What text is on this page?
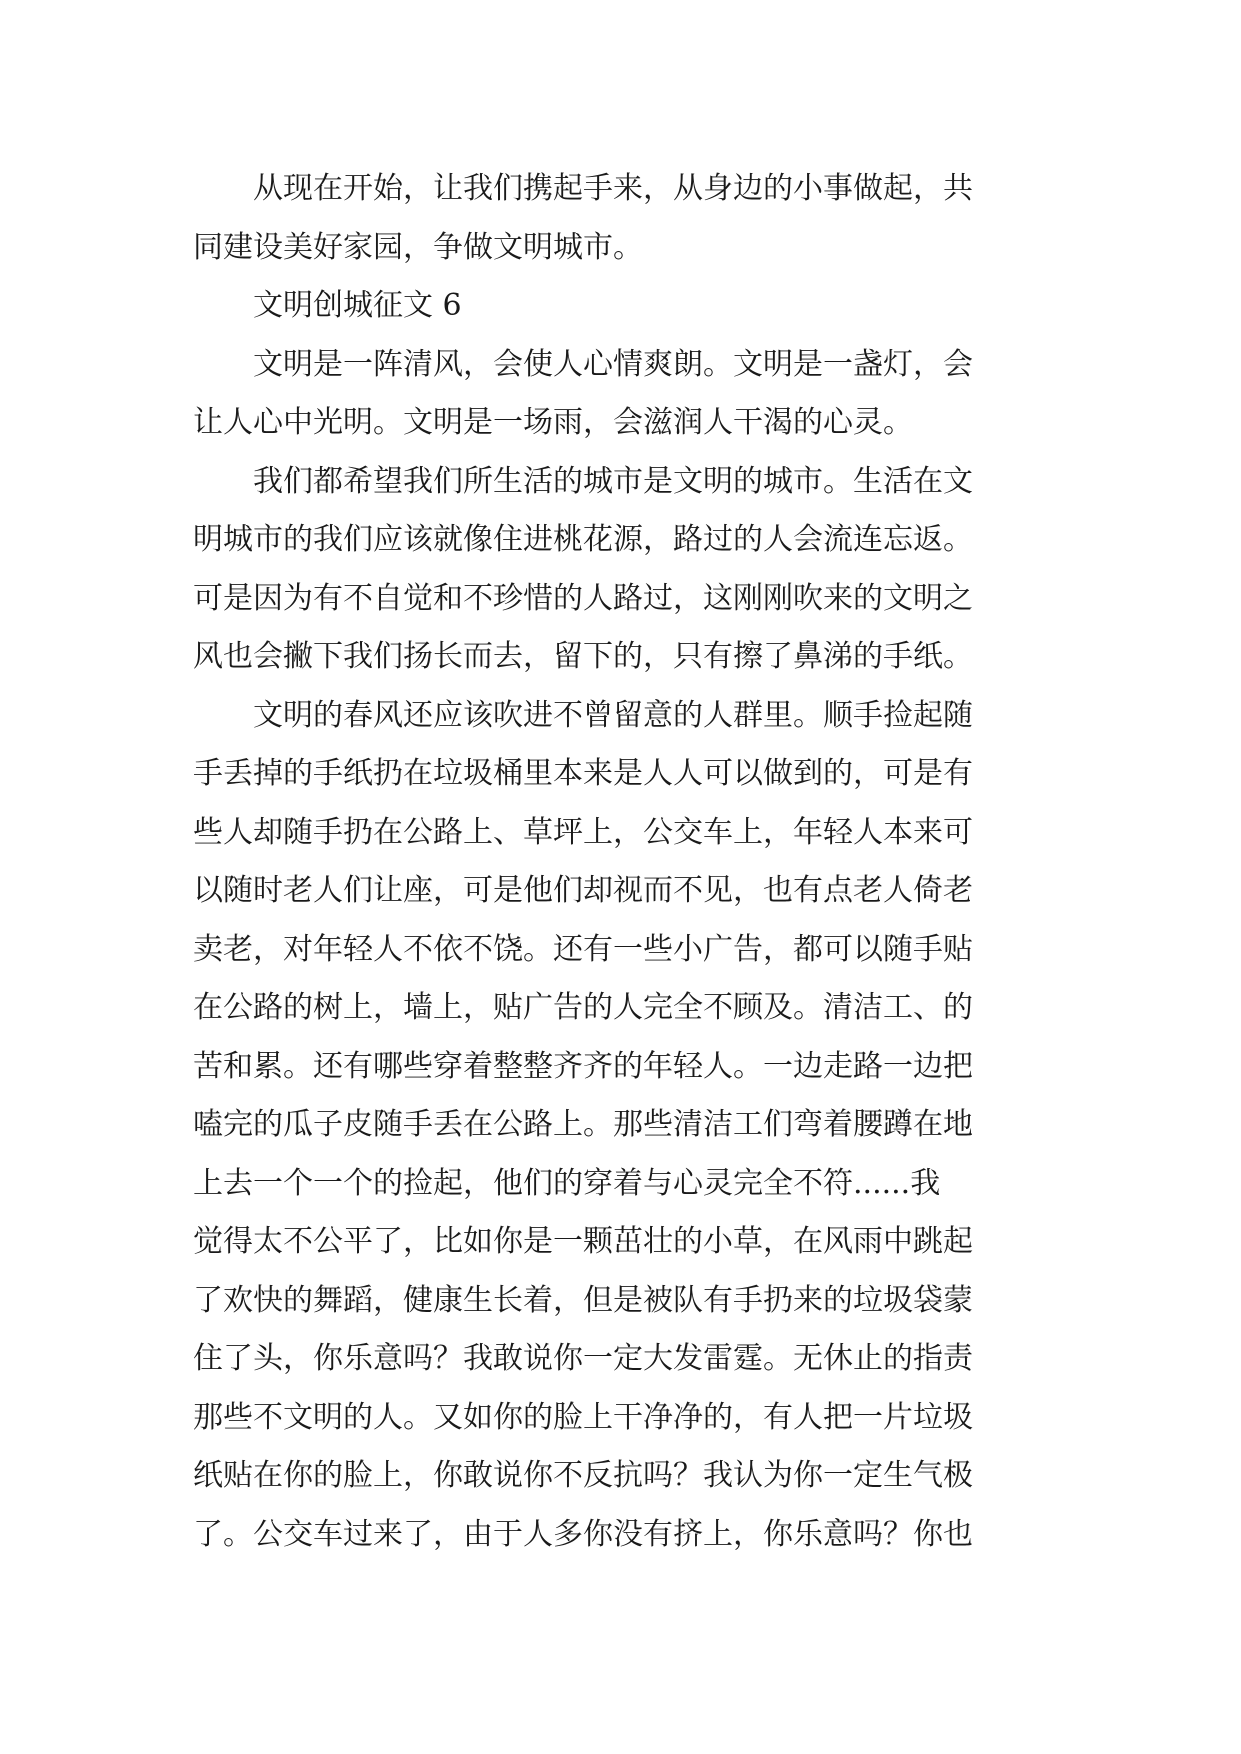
从现在开始，让我们携起手来，从身边的小事做起，共
同建设美好家园，争做文明城市。
文明创城征文 6
文明是一阵清风，会使人心情爽朗。文明是一盏灯，会
让人心中光明。文明是一场雨，会滋润人干渴的心灵。
我们都希望我们所生活的城市是文明的城市。生活在文
明城市的我们应该就像住进桃花源，路过的人会流连忘返。
可是因为有不自觉和不珍惜的人路过，这刚刚吹来的文明之
风也会撇下我们扬长而去，留下的，只有擦了鼻涕的手纸。
文明的春风还应该吹进不曾留意的人群里。顺手捡起随
手丢掉的手纸扔在垃圾桶里本来是人人可以做到的，可是有
些人却随手扔在公路上、草坪上，公交车上，年轻人本来可
以随时老人们让座，可是他们却视而不见，也有点老人倚老
卖老，对年轻人不依不饶。还有一些小广告，都可以随手贴
在公路的树上，墙上，贴广告的人完全不顾及。清洁工、的
苦和累。还有哪些穿着整整齐齐的年轻人。一边走路一边把
嗑完的瓜子皮随手丢在公路上。那些清洁工们弯着腰蹲在地
上去一个一个的捡起，他们的穿着与心灵完全不符......我
觉得太不公平了，比如你是一颗茁壮的小草，在风雨中跳起
了欢快的舞蹈，健康生长着，但是被队有手扔来的垃圾袋蒙
住了头，你乐意吗？我敢说你一定大发雷霆。无休止的指责
那些不文明的人。又如你的脸上干净净的，有人把一片垃圾
纸贴在你的脸上，你敢说你不反抗吗？我认为你一定生气极
了。公交车过来了，由于人多你没有挤上，你乐意吗？你也
